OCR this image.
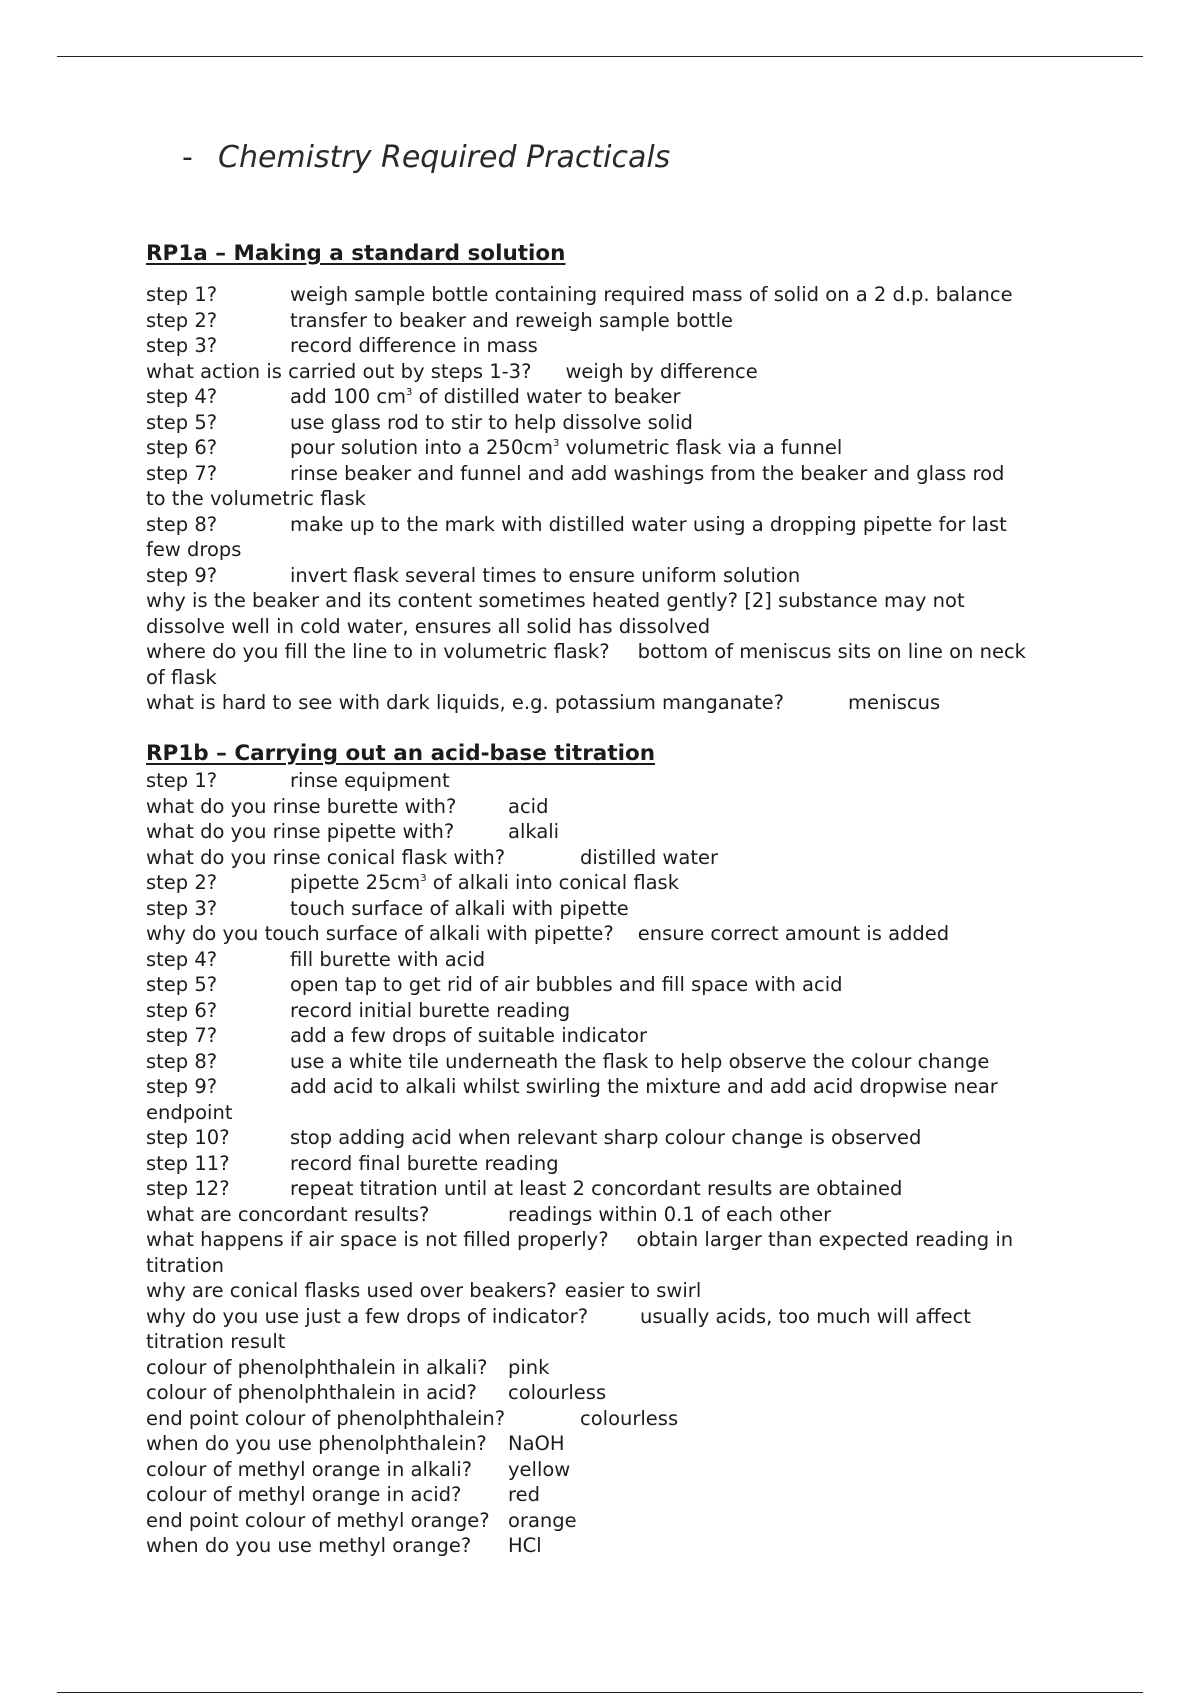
- Chemistry Required Practicals
RP1a – Making a standard solution
step 1?	weigh sample bottle containing required mass of solid on a 2 d.p. balance
step 2?	transfer to beaker and reweigh sample bottle
step 3?	record difference in mass
what action is carried out by steps 1-3? weigh by difference
step 4?	add 100 $cm^3$ of distilled water to beaker
step 5?	use glass rod to stir to help dissolve solid
step 6?	pour solution into a $250cm^3$ volumetric flask via a funnel
step 7?	rinse beaker and funnel and add washings from the beaker and glass rod
to the volumetric flask
step 8?	make up to the mark with distilled water using a dropping pipette for last
few drops
step 9?	invert flask several times to ensure uniform solution
why is the beaker and its content sometimes heated gently? [2] substance may not
dissolve well in cold water, ensures all solid has dissolved
where do you fill the line to in volumetric flask? bottom of meniscus sits on line on neck
of flask
what is hard to see with dark liquids, e.g. potassium manganate?	meniscus
RP1b – Carrying out an acid-base titration
step 1?	rinse equipment
what do you rinse burette with?	acid
what do you rinse pipette with?	alkali
what do you rinse conical flask with?	distilled water
step 2?	pipette $25cm^3$ of alkali into conical flask
step 3?	touch surface of alkali with pipette
why do you touch surface of alkali with pipette? ensure correct amount is added
step 4?	fill burette with acid
step 5?	open tap to get rid of air bubbles and fill space with acid
step 6?	record initial burette reading
step 7?	add a few drops of suitable indicator
step 8?	use a white tile underneath the flask to help observe the colour change
step 9?	add acid to alkali whilst swirling the mixture and add acid dropwise near
endpoint
step 10?	stop adding acid when relevant sharp colour change is observed
step 11?	record final burette reading
step 12?	repeat titration until at least 2 concordant results are obtained
what are concordant results?	readings within 0.1 of each other
what happens if air space is not filled properly? obtain larger than expected reading in
titration
why are conical flasks used over beakers? easier to swirl
why do you use just a few drops of indicator?	usually acids, too much will affect
titration result
colour of phenolphthalein in alkali? pink
colour of phenolphthalein in acid? colourless
end point colour of phenolphthalein?	colourless
when do you use phenolphthalein? NaOH
colour of methyl orange in alkali? yellow
colour of methyl orange in acid? red
end point colour of methyl orange? orange
when do you use methyl orange? HCl
